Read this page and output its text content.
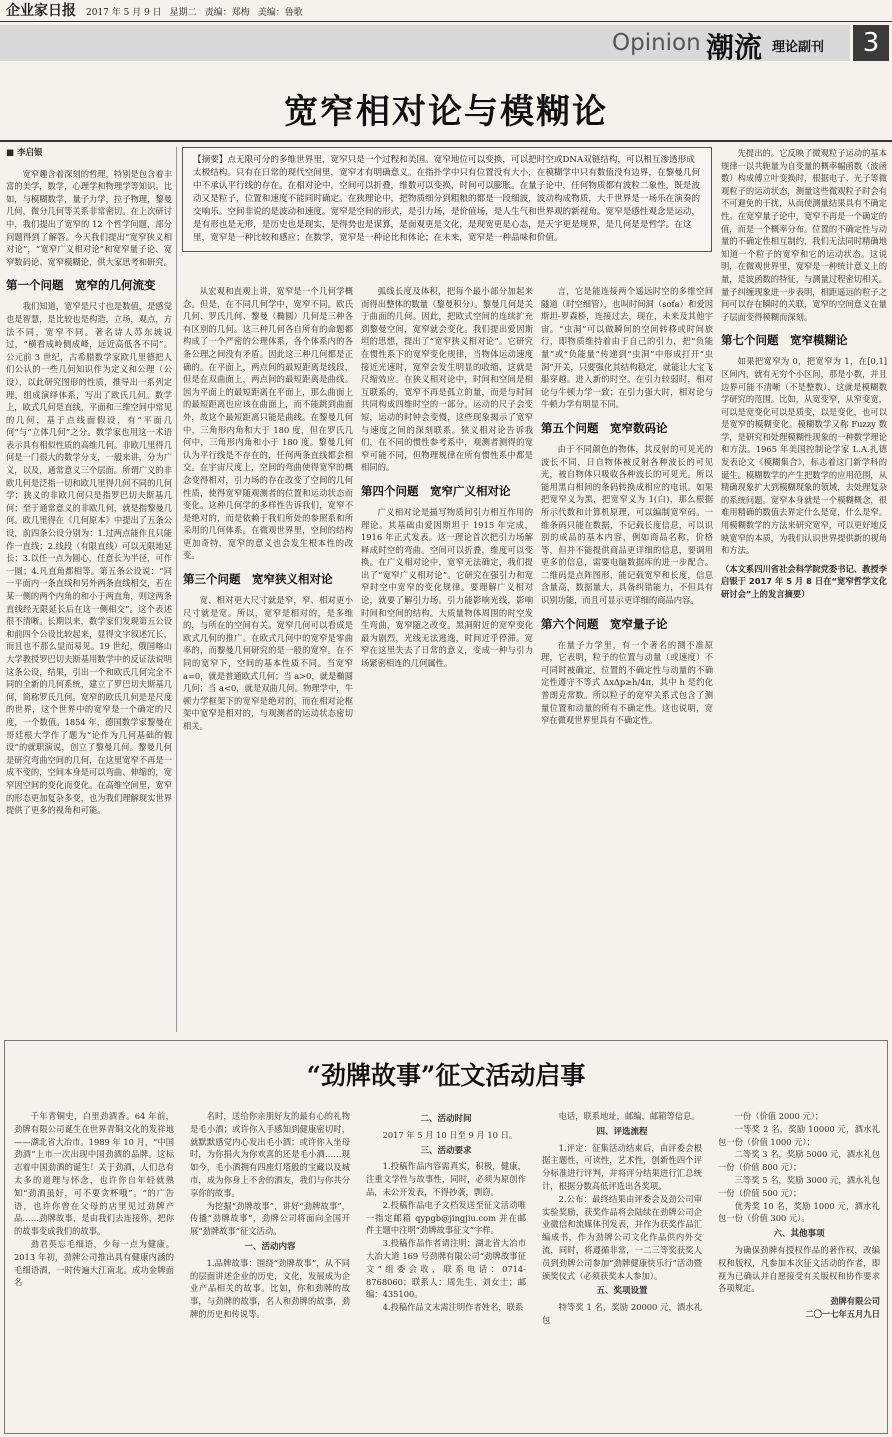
企业家日报 2017 年 5 月 9 日 星期二 责编：郑梅 美编：鲁歌
Opinion 潮流 理论副刊	3
宽窄相对论与模糊论
■ 李启银

宽窄趣含着深刻的哲理，特别是包含着丰富的美学，数学，心理学和物理学等知识。比如，与模糊数学，量子力学，拉子物理，黎曼几何，微分几何等关系非常密切。在上次研讨中，我们提出了宽窄的 12 个哲学问题，部分问题得到了解答。今天我们提出“宽窄狭义相对论”，“宽窄广义相对论”和宽窄量子论、宽窄数码论、宽窄模糊论，供大家思考和研究。

第一个问题　宽窄的几何流变

我们知道，宽窄是尺寸也是数值，是感觉也是智慧，是比较也是构造，立场，观点，方法不同，宽窄不同。著名诗人苏东坡说过，“横看成岭侧成峰，远近高低各不同”。公元前 3 世纪，古希腊数学家欧几里德把人们公认的一些几何知识作为定义和公理（公设），以此研究图形的性质，推导出一系列定理，组成演绎体系，写出了欧氏几何。数学上，欧式几何是直线，平面和三维空间中常见的几何，基于点线面假设，有“平面几何”与“立体几何”之分。数学家也用这一术语表示具有相似性质的高维几何。非欧几里得几何是一门很大的数学分支，一般来讲，分为广义，以及，通常意义三个层面。所谓广义的非欧几何是泛指一切和欧几里得几何不同的几何学；狭义的非欧几何只是指罗巴切夫斯基几何；至于通常意义的非欧几何，就是指黎曼几何。欧几里得在《几何原本》中提出了五条公设，前四条公设分别为：1.过两点能作且只能作一直线；2.线段（有限直线）可以无限地延长；3.以任一点为圆心，任意长为半径，可作一圆；4.凡直角都相等。第五条公设说：“同一平面内一条直线和另外两条直线相交，若在某一侧的两个内角的和小于两直角，则这两条直线经无限延长后在这一侧相交”。这个表述很不清晰。长期以来，数学家们发现第五公设和前四个公设比较起来，显得文字叙述冗长，而且也不那么显而易见。19 世纪，俄国喀山大学教授罗巴切夫斯基用数学中的反证法说明这条公设，结果，引出一个和欧氏几何完全不同的全新的几何系统，建立了罗巴切夫斯基几何，简称罗氏几何。宽窄的欧氏几何是是尺度的世界，这个世界中的宽窄是一个确定的尺度，一个数值。1854 年，德国数学家黎曼在哥廷根大学作了题为“论作为几何基础的假设”的就职演说，创立了黎曼几何。黎曼几何是研究弯曲空间的几何，在这里宽窄不再是一成不变的，空间本身是可以弯曲、伸缩的，宽窄因空间的变化而变化。在高维空间里，宽窄的形态更加复杂多变，也为我们理解现实世界提供了更多的视角和可能。

【摘要】点无限可分的多维世界里，宽窄只是一个过程和美国。宽窄地位可以变换，可以把时空或DNA双链结构，可以相互渗透形成太极结构。只有在日常的现代空间里，宽窄才有明确意义。在指扑学中只有位置没有大小，在模糊学中只有数值没有边界，在黎曼几何中不承认平行线的存在。在相对论中，空间可以折叠，维数可以变换，时间可以膨胀。在量子论中，任何物质都有波粒二象性，既是波动又是粒子，位置和速度不能同时确定。在狭理论中，把物质细分到粗粮的都是一段细波，波动构成物质，大千世界是一场乐在演奏的交响乐。空间非说的是波动和速度。宽窄是空间的形式，是引力场，是价值场，是人生气和世界观的新视角。宽窄是感性观念是运动，是有形也是无形，是历史也是现实，是得势也是谋算，是面观更是文化，是现宽更是心态，是天宇更是规界，是几何是是哲学。在这里，宽窄是一种比较和感应；在数学，宽窄是一种论比和体论；在未来，宽窄是一种品味和价值。

从宏观和直观上讲，宽窄是一个几何学概念。但是，在不同几何学中，宽窄不同。欧氏几何、罗氏几何、黎曼（椭圆）几何是三种各有区别的几何。这三种几何各自所有的命题都构成了一个严密的公理体系，各个体系内的各条公理之间没有矛盾。因此这三种几何都是正确的。在平面上，两点间的最短距离是线段，但是在双曲面上，两点间的最短距离是曲线。因为平面上的最短距离在平面上，那么曲面上的最短距离也应该在曲面上，而不能跳到曲面外，故这个最短距离只能是曲线。在黎曼几何中，三角形内角和大于 180 度，但在罗氏几何中，三角形内角和小于 180 度。黎曼几何认为平行线是不存在的，任何两条直线都会相交。在宇宙尺度上，空间的弯曲使得宽窄的概念变得相对，引力场的存在改变了空间的几何性质，使得宽窄随观测者的位置和运动状态而变化。这种几何学的多样性告诉我们，宽窄不是绝对的，而是依赖于我们所处的参照系和所采用的几何体系。在微观世界里，空间的结构更加奇特，宽窄的意义也会发生根本性的改变。

第三个问题　宽窄狭义相对论

宽、相对更大尺寸就是窄，窄、相对更小尺寸就是宽。所以，宽窄是相对的，是多维的，与所在的空间有关。宽窄几何可以看成是欧式几何的推广。在欧式几何中的宽窄是零曲率的，而黎曼几何研究的是一般的宽窄。在不同的宽窄下，空间的基本性质不同。当宽窄 a=0，就是普通欧式几何；当 a>0，就是椭圆几何；当 a<0，就是双曲几何。物理学中，牛顿力学框架下的宽窄是绝对的，而在相对论框架中宽窄是相对的，与观测者的运动状态密切相关。

弧线长度及体积，把每个最小部分加起来而得出整体的数量（黎曼积分）。黎曼几何是关于曲面的几何。因此，把欧式空间的连续扩充到黎曼空间，宽窄就会变化。我们提出爱因斯坦的思想，提出了“宽窄狭义相对论”。它研究在惯性系下的宽窄变化规律，当物体运动速度接近光速时，宽窄会发生明显的收缩，这就是尺缩效应。在狭义相对论中，时间和空间是相互联系的，宽窄不再是孤立的量，而是与时间共同构成四维时空的一部分。运动的尺子会变短，运动的时钟会变慢，这些现象揭示了宽窄与速度之间的深刻联系。狭义相对论告诉我们，在不同的惯性参考系中，观测者测得的宽窄可能不同，但物理规律在所有惯性系中都是相同的。

第四个问题　宽窄广义相对论

广义相对论是描写物质间引力相互作用的理论。其基础由爱因斯坦于 1915 年完成，1916 年正式发表。这一理论首次把引力场解释成时空的弯曲。空间可以折叠，维度可以变换。在广义相对论中，宽窄无法确定，我们提出了“宽窄广义相对论”。它研究在强引力和宽窄时空中宽窄的变化规律。要理解广义相对论，就要了解引力场。引力能影响光线，影响时间和空间的结构。大质量物体周围的时空发生弯曲，宽窄随之改变。黑洞附近的宽窄变化最为剧烈，光线无法逃逸，时间近乎停滞。宽窄在这里失去了日常的意义，变成一种与引力场紧密相连的几何属性。

言，它是能连接两个遥远时空的多维空间隧道（时空细管），也叫时间洞（sofa）和爱因斯坦-罗森桥，连接过去，现在，未来及其他宇宙。“虫洞”可以做瞬间的空间转移或时间旅行，即物质维持着由于自己的引力，把“负能量”或“负能量”传递到“虫洞”中形成打开“虫洞”开关，只要强化其结构稳定，就能让大宝飞船穿越。进入新的时空。在引力较弱时，相对论与牛顿力学一致；在引力强大时，相对论与牛顿力学有明显不同。

第五个问题　宽窄数码论

由于不同颜色的物体，其反射的可见光的波长不同，日自物体被反射各种波长的可见光，被自物体只吸收各种波长的可见光。所以能用黑白相间的条码转换成相应的电讯。如果把宽窄义为黑，把宽窄义为 1(白)，那么根据所示代数和计算机原理，可以编制宽窄码。一维条码只能在数据，不记载长度信息，可以识别的成品的基本内容，例如商品名称，价格等，但并不能提供商品更详细的信息，要调用更多的信息，需要电脑数据库的进一步配合。二维码是点阵图形，能记载宽窄和长度，信息含量高，数据量大，具备纠错能力，不但具有识别功能，而且可显示更详细的商品内容。

第六个问题　宽窄量子论

在量子力学里，有一个著名的测不准原理，它表明，粒子的位置与动量（或速度）不可同时被确定，位置的不确定性与动量的不确定性遵守不等式 ΔxΔp≥h/4π，其中 h 是约化普朗克常数。所以粒子的宽窄关系式包含了测量位置和动量的所有不确定性。这也说明，宽窄在微观世界里具有不确定性。

先提出的。它反映了微观粒子运动的基本规律一以共轭量为自变量的概率幅函数（波函数）构成傅立叶变换时，根据电子、光子等微观粒子的运动状态，测量这些微观粒子时会有不可避免的干扰，从而使测量结果具有不确定性。在宽窄量子论中，宽窄不再是一个确定的值，而是一个概率分布。位置的不确定性与动量的不确定性相互制约，我们无法同时精确地知道一个粒子的宽窄和它的运动状态。这说明，在微观世界里，宽窄是一种统计意义上的量，是波函数的特征，与测量过程密切相关。量子纠缠现象进一步表明，相距遥远的粒子之间可以存在瞬时的关联，宽窄的空间意义在量子层面变得模糊而深刻。

第七个问题　宽窄模糊论

如果把宽窄为 0，把宽窄为 1，在[0,1]区间内，就有无穷个小区间，那是小数，并且边界可能不清晰（不是整数），这就是模糊数学研究的范围。比如，从宽变窄，从窄变宽，可以是宽变化可以是质变，以是变化，也可以是宽窄的模糊变化。模糊数学又称 Fuzzy 数学，是研究和处理模糊性现象的一种数学理论和方法。1965 年美国控制论学家 L.A.扎德发表论文《模糊集合》，标志着这门新学科的诞生。模糊数学的产生把数学的应用范围，从精确现象扩大到模糊现象的领域，去处理复杂的系统问题。宽窄本身就是一个模糊概念，很难用精确的数值去界定什么是宽，什么是窄。用模糊数学的方法来研究宽窄，可以更好地反映宽窄的本质，为我们认识世界提供新的视角和方法。

（本文系四川省社会科学院党委书记、教授李启银于 2017 年 5 月 8 日在“宽窄哲学文化研讨会”上的发言摘要）
“劲牌故事”征文活动启事

千年青铜史，白里劲酒香。64 年前，劲牌有限公司诞生在世界青铜文化的发祥地——湖北省大冶市。1989 年 10 月，“中国劲酒”上市一次出现中国劲酒的品牌。这标志着中国劲酒的诞生！关于劲酒，人们总有太多的道理与怀念，也许你自年轻就熟知“劲酒虽好，可不要贪杯哦”。“的广告语，也许你曾在父母的店里见过劲牌产品……劲牌故事，是由我们去连接你，把你的故事变成我们的故事。

劲君英忘毛细语，少每一点为健康。2013 年初，劲牌公司推出具有健康内涵的毛细语酒，一时传遍大江南北。成功金牌面名

名时，送给你亲朋好友的最有心的礼物是毛小酒；或许你入手感知到健康密切时，就默默感觉内心发出毛小酒；或许你入坐母时，为你捐火为你欢喜的还是毛小酒……现如今，毛小酒拥有四座灯塔般的宝藏以及城市，成为你身上不舍的酒友，我们与你共分享你的故事。

为挖掘“劲牌故事”，讲好“劲牌故事”，传播“劲牌故事”，劲牌公司将面向全国开展“劲牌故事”征文活动。

一、活动内容

1.品牌故事：围绕“劲牌故事”，从不同的层面讲述企业的历史，文化，发展成为企业产品相关的故事。比如，你和劲牌的故事，与劲牌的故事，名人和劲牌的故事，劲牌的历史和传说等。

二、活动时间

2017 年 5 月 10 日至 9 月 10 日。

三、活动要求

1.投稿作品内容需真实，积极，健康，注重文学性与故事性，同时，必须为原创作品，未公开发表，不得抄袭，剽窃。

2.投稿作品电子文档发送至征文活动唯一指定邮箱 qypgb@jingjiu.com 并在邮件主题中注明“劲牌故事征文”字样。

3.投稿作品作者请注明：湖北省大冶市大冶大道 169 号劲牌有限公司“劲牌故事征文”组委会收，联系电话：0714-8768060；联系人：周先生、刘女士；邮编：435100。

4.投稿作品文末需注明作者姓名，联系

电话，联系地址，邮编，邮箱等信息。

四、评选流程

1.评定：征集活动结束后，由评委会根据主题性，可读性，艺术性，创新性四个评分标准进行评判，并将评分结果进行汇总统计，根据分数高低评选出各奖项。

2.公布：最终结果由评委会及劲公司审实验奖励，获奖作品将会陆续在劲牌公司企业微信和流媒体刊发表，并作为获奖作品汇编成书，作为劲牌公司文化作品供内外交流，同时，将遵循非常，一二三等奖获奖人员到劲牌公司参加“劲牌健康快乐行”活动暨颁奖仪式（必须获奖本人参加）。

五、奖项设置

特等奖 1 名，奖励 20000 元，酒水礼包

一份（价值 2000 元）；

一等奖 2 名，奖励 10000 元，酒水礼包一份（价值 1000 元）；

二等奖 3 名，奖励 5000 元，酒水礼包一份（价值 800 元）；

三等奖 5 名，奖励 3000 元，酒水礼包一份（价值 500 元）；

优秀奖 10 名，奖励 1000 元，酒水礼包一份（价值 300 元）。

六、其他事项

为确保劲牌有授权作品的著作权，改编权和版权，凡参加本次征文活动的作者，即视为已确认并自愿接受有关版权和协作要求各项规定。

劲牌有限公司
二〇一七年五月九日
